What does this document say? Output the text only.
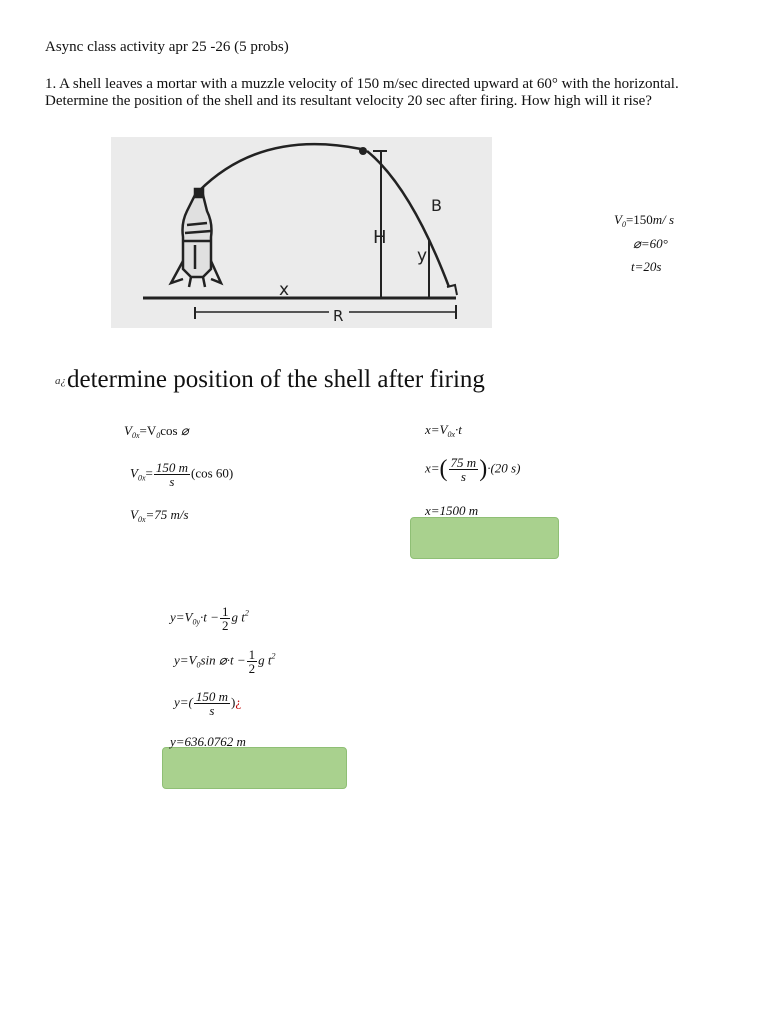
Async class activity apr 25 -26 (5 probs)
1. A shell leaves a mortar with a muzzle velocity of 150 m/sec directed upward at 60° with the horizontal. Determine the position of the shell and its resultant velocity 20 sec after firing. How high will it rise?
B
H
y
x
R
$V_0=150m/$ s
⌀=60°
t=20s
a¿determine position of the shell after firing
$V_{0x}=V_0\cos$ ⌀
$V_{0x}= \frac{150 m}{s} (\cos$ 60)
$V_{0x}=75$ m/s
$x=V_{0x}\cdot t$
$x=( \frac{75 m}{s} )\cdot(20$ s)
x=1500 m
$y=V_{0y}\cdot t - \frac{1}{2}$ g $t^2$
$y=V_0\sin$ ⌀·t − $\frac{1}{2}$ g $t^2$
$y=( \frac{150 m}{s}$ )¿
y=636.0762 m
